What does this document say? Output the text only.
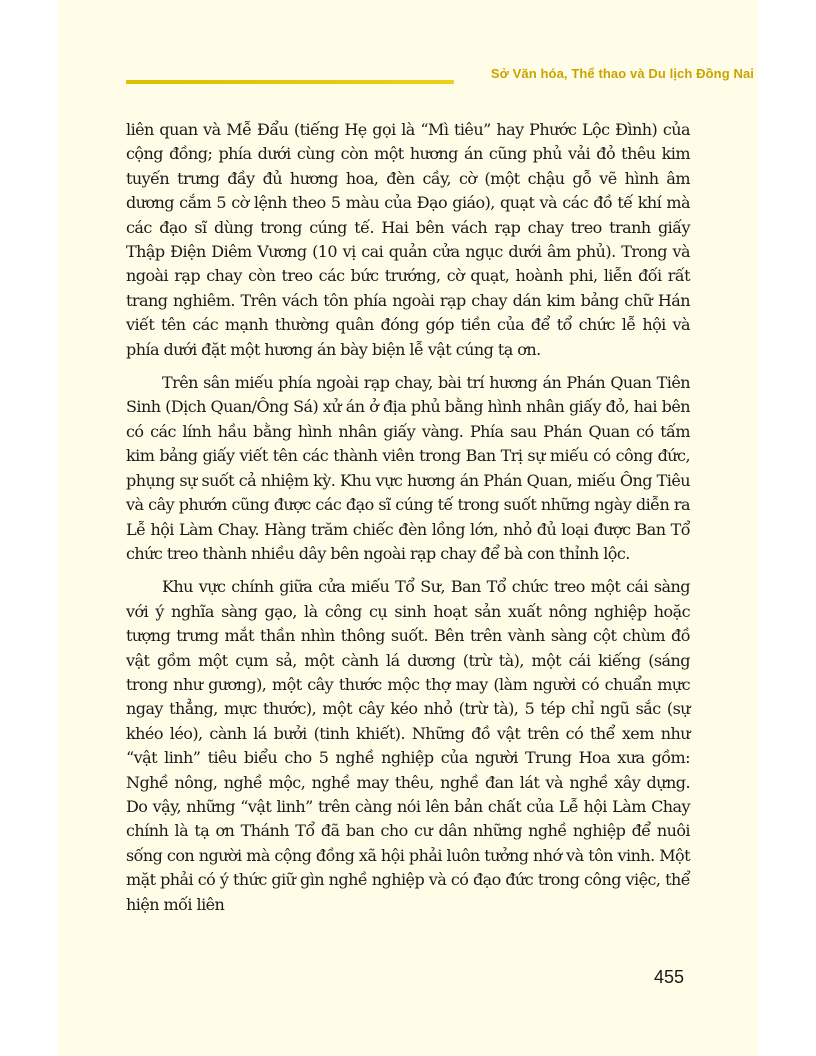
Sở Văn hóa, Thể thao và Du lịch Đồng Nai

liên quan và Mễ Đẩu (tiếng Hẹ gọi là “Mì tiêu” hay Phước Lộc Đình) của cộng đồng; phía dưới cùng còn một hương án cũng phủ vải đỏ thêu kim tuyến trưng đầy đủ hương hoa, đèn cầy, cờ (một chậu gỗ vẽ hình âm dương cắm 5 cờ lệnh theo 5 màu của Đạo giáo), quạt và các đồ tế khí mà các đạo sĩ dùng trong cúng tế. Hai bên vách rạp chay treo tranh giấy Thập Điện Diêm Vương (10 vị cai quản cửa ngục dưới âm phủ). Trong và ngoài rạp chay còn treo các bức trướng, cờ quạt, hoành phi, liễn đối rất trang nghiêm. Trên vách tôn phía ngoài rạp chay dán kim bảng chữ Hán viết tên các mạnh thường quân đóng góp tiền của để tổ chức lễ hội và phía dưới đặt một hương án bày biện lễ vật cúng tạ ơn.

Trên sân miếu phía ngoài rạp chay, bài trí hương án Phán Quan Tiên Sinh (Dịch Quan/Ông Sá) xử án ở địa phủ bằng hình nhân giấy đỏ, hai bên có các lính hầu bằng hình nhân giấy vàng. Phía sau Phán Quan có tấm kim bảng giấy viết tên các thành viên trong Ban Trị sự miếu có công đức, phụng sự suốt cả nhiệm kỳ. Khu vực hương án Phán Quan, miếu Ông Tiêu và cây phướn cũng được các đạo sĩ cúng tế trong suốt những ngày diễn ra Lễ hội Làm Chay. Hàng trăm chiếc đèn lồng lớn, nhỏ đủ loại được Ban Tổ chức treo thành nhiều dây bên ngoài rạp chay để bà con thỉnh lộc.

Khu vực chính giữa cửa miếu Tổ Sư, Ban Tổ chức treo một cái sàng với ý nghĩa sàng gạo, là công cụ sinh hoạt sản xuất nông nghiệp hoặc tượng trưng mắt thần nhìn thông suốt. Bên trên vành sàng cột chùm đồ vật gồm một cụm sả, một cành lá dương (trừ tà), một cái kiếng (sáng trong như gương), một cây thước mộc thợ may (làm người có chuẩn mực ngay thẳng, mực thước), một cây kéo nhỏ (trừ tà), 5 tép chỉ ngũ sắc (sự khéo léo), cành lá bưởi (tinh khiết). Những đồ vật trên có thể xem như “vật linh” tiêu biểu cho 5 nghề nghiệp của người Trung Hoa xưa gồm: Nghề nông, nghề mộc, nghề may thêu, nghề đan lát và nghề xây dựng. Do vậy, những “vật linh” trên càng nói lên bản chất của Lễ hội Làm Chay chính là tạ ơn Thánh Tổ đã ban cho cư dân những nghề nghiệp để nuôi sống con người mà cộng đồng xã hội phải luôn tưởng nhớ và tôn vinh. Một mặt phải có ý thức giữ gìn nghề nghiệp và có đạo đức trong công việc, thể hiện mối liên

455
